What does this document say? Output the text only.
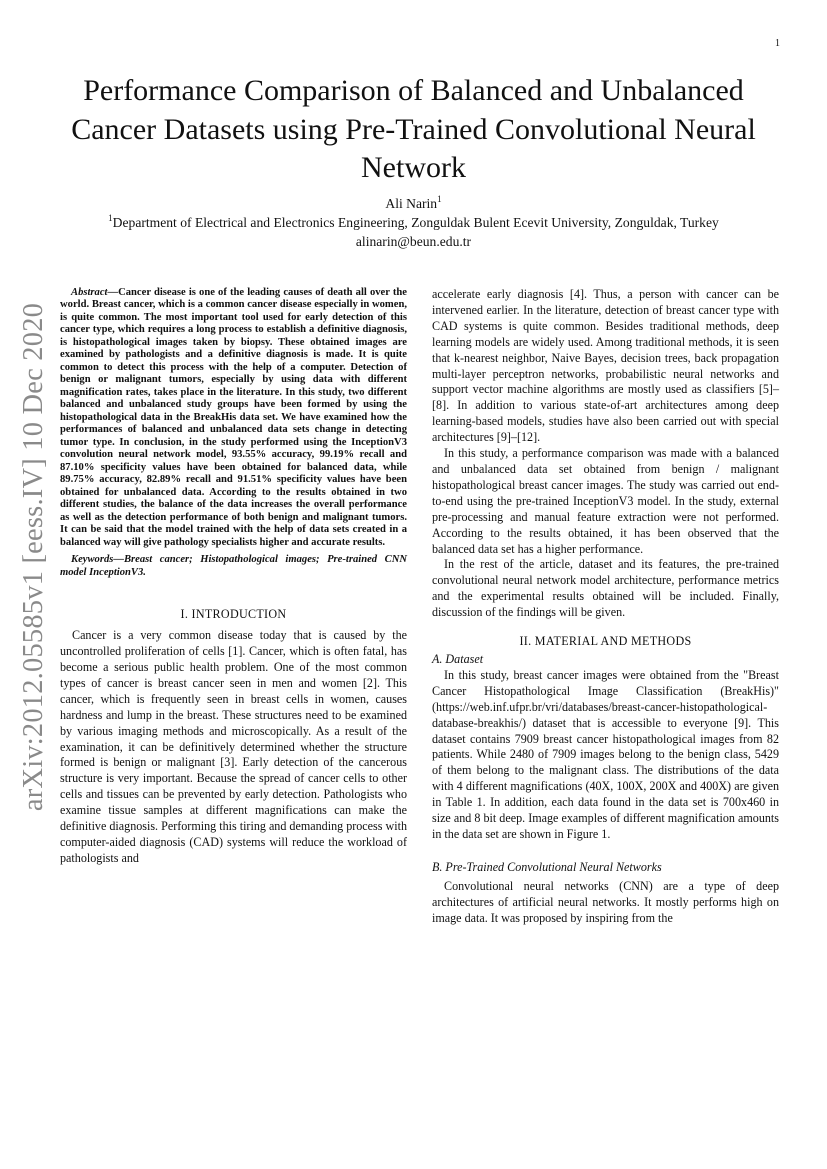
1
Performance Comparison of Balanced and Unbalanced Cancer Datasets using Pre-Trained Convolutional Neural Network
Ali Narin$^1$
$^1$Department of Electrical and Electronics Engineering, Zonguldak Bulent Ecevit University, Zonguldak, Turkey
alinarin@beun.edu.tr
arXiv:2012.05585v1 [eess.IV] 10 Dec 2020

Abstract—Cancer disease is one of the leading causes of death all over the world. Breast cancer, which is a common cancer disease especially in women, is quite common. The most important tool used for early detection of this cancer type, which requires a long process to establish a definitive diagnosis, is histopathological images taken by biopsy. These obtained images are examined by pathologists and a definitive diagnosis is made. It is quite common to detect this process with the help of a computer. Detection of benign or malignant tumors, especially by using data with different magnification rates, takes place in the literature. In this study, two different balanced and unbalanced study groups have been formed by using the histopathological data in the BreakHis data set. We have examined how the performances of balanced and unbalanced data sets change in detecting tumor type. In conclusion, in the study performed using the InceptionV3 convolution neural network model, 93.55% accuracy, 99.19% recall and 87.10% specificity values have been obtained for balanced data, while 89.75% accuracy, 82.89% recall and 91.51% specificity values have been obtained for unbalanced data. According to the results obtained in two different studies, the balance of the data increases the overall performance as well as the detection performance of both benign and malignant tumors. It can be said that the model trained with the help of data sets created in a balanced way will give pathology specialists higher and accurate results.

Keywords—Breast cancer; Histopathological images; Pre-trained CNN model InceptionV3.

I. INTRODUCTION

Cancer is a very common disease today that is caused by the uncontrolled proliferation of cells [1]. Cancer, which is often fatal, has become a serious public health problem. One of the most common types of cancer is breast cancer seen in men and women [2]. This cancer, which is frequently seen in breast cells in women, causes hardness and lump in the breast. These structures need to be examined by various imaging methods and microscopically. As a result of the examination, it can be definitively determined whether the structure formed is benign or malignant [3]. Early detection of the cancerous structure is very important. Because the spread of cancer cells to other cells and tissues can be prevented by early detection. Pathologists who examine tissue samples at different magnifications can make the definitive diagnosis. Performing this tiring and demanding process with computer-aided diagnosis (CAD) systems will reduce the workload of pathologists and

accelerate early diagnosis [4]. Thus, a person with cancer can be intervened earlier. In the literature, detection of breast cancer type with CAD systems is quite common. Besides traditional methods, deep learning models are widely used. Among traditional methods, it is seen that k-nearest neighbor, Naive Bayes, decision trees, back propagation multi-layer perceptron networks, probabilistic neural networks and support vector machine algorithms are mostly used as classifiers [5]–[8]. In addition to various state-of-art architectures among deep learning-based models, studies have also been carried out with special architectures [9]–[12].

In this study, a performance comparison was made with a balanced and unbalanced data set obtained from benign / malignant histopathological breast cancer images. The study was carried out end-to-end using the pre-trained InceptionV3 model. In the study, external pre-processing and manual feature extraction were not performed. According to the results obtained, it has been observed that the balanced data set has a higher performance.

In the rest of the article, dataset and its features, the pre-trained convolutional neural network model architecture, performance metrics and the experimental results obtained will be included. Finally, discussion of the findings will be given.

II. MATERIAL AND METHODS

A. Dataset

In this study, breast cancer images were obtained from the "Breast Cancer Histopathological Image Classification (BreakHis)" (https://web.inf.ufpr.br/vri/databases/breast-cancer-histopathological-database-breakhis/) dataset that is accessible to everyone [9]. This dataset contains 7909 breast cancer histopathological images from 82 patients. While 2480 of 7909 images belong to the benign class, 5429 of them belong to the malignant class. The distributions of the data with 4 different magnifications (40X, 100X, 200X and 400X) are given in Table 1. In addition, each data found in the data set is 700x460 in size and 8 bit deep. Image examples of different magnification amounts in the data set are shown in Figure 1.

B. Pre-Trained Convolutional Neural Networks

Convolutional neural networks (CNN) are a type of deep architectures of artificial neural networks. It mostly performs high on image data. It was proposed by inspiring from the
